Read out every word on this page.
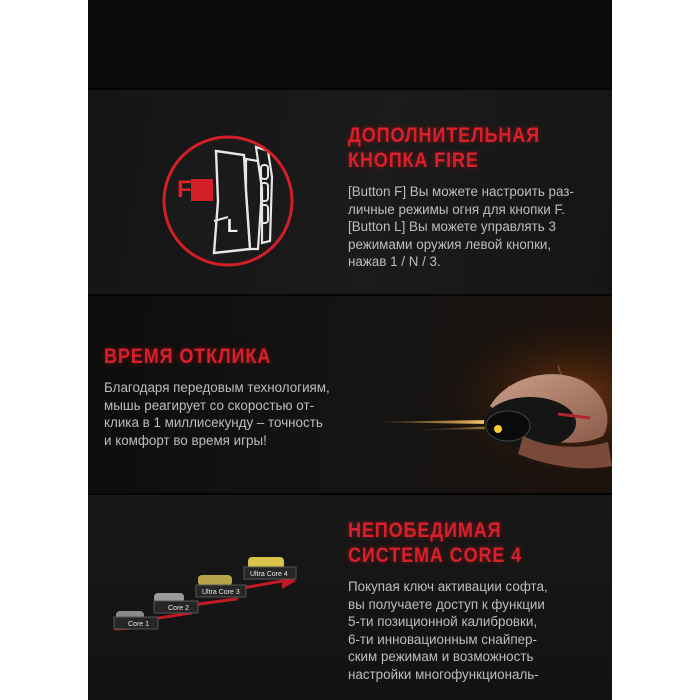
F
L
ДОПОЛНИТЕЛЬНАЯ
КНОПКА FIRE

[Button F] Вы можете настроить раз-
личные режимы огня для кнопки F.
[Button L] Вы можете управлять 3
режимами оружия левой кнопки,
нажав 1 / N / 3.

ВРЕМЯ ОТКЛИКА

Благодаря передовым технологиям,
мышь реагирует со скоростью от-
клика в 1 миллисекунду – точность
и комфорт во время игры!

НЕПОБЕДИМАЯ
СИСТЕМА CORE 4

Покупая ключ активации софта,
вы получаете доступ к функции
5-ти позиционной калибровки,
6-ти инновационным снайпер-
ским режимам и возможность
настройки многофункциональ-

Core 1
Core 2
Ultra Core 3
Ultra Core 4
